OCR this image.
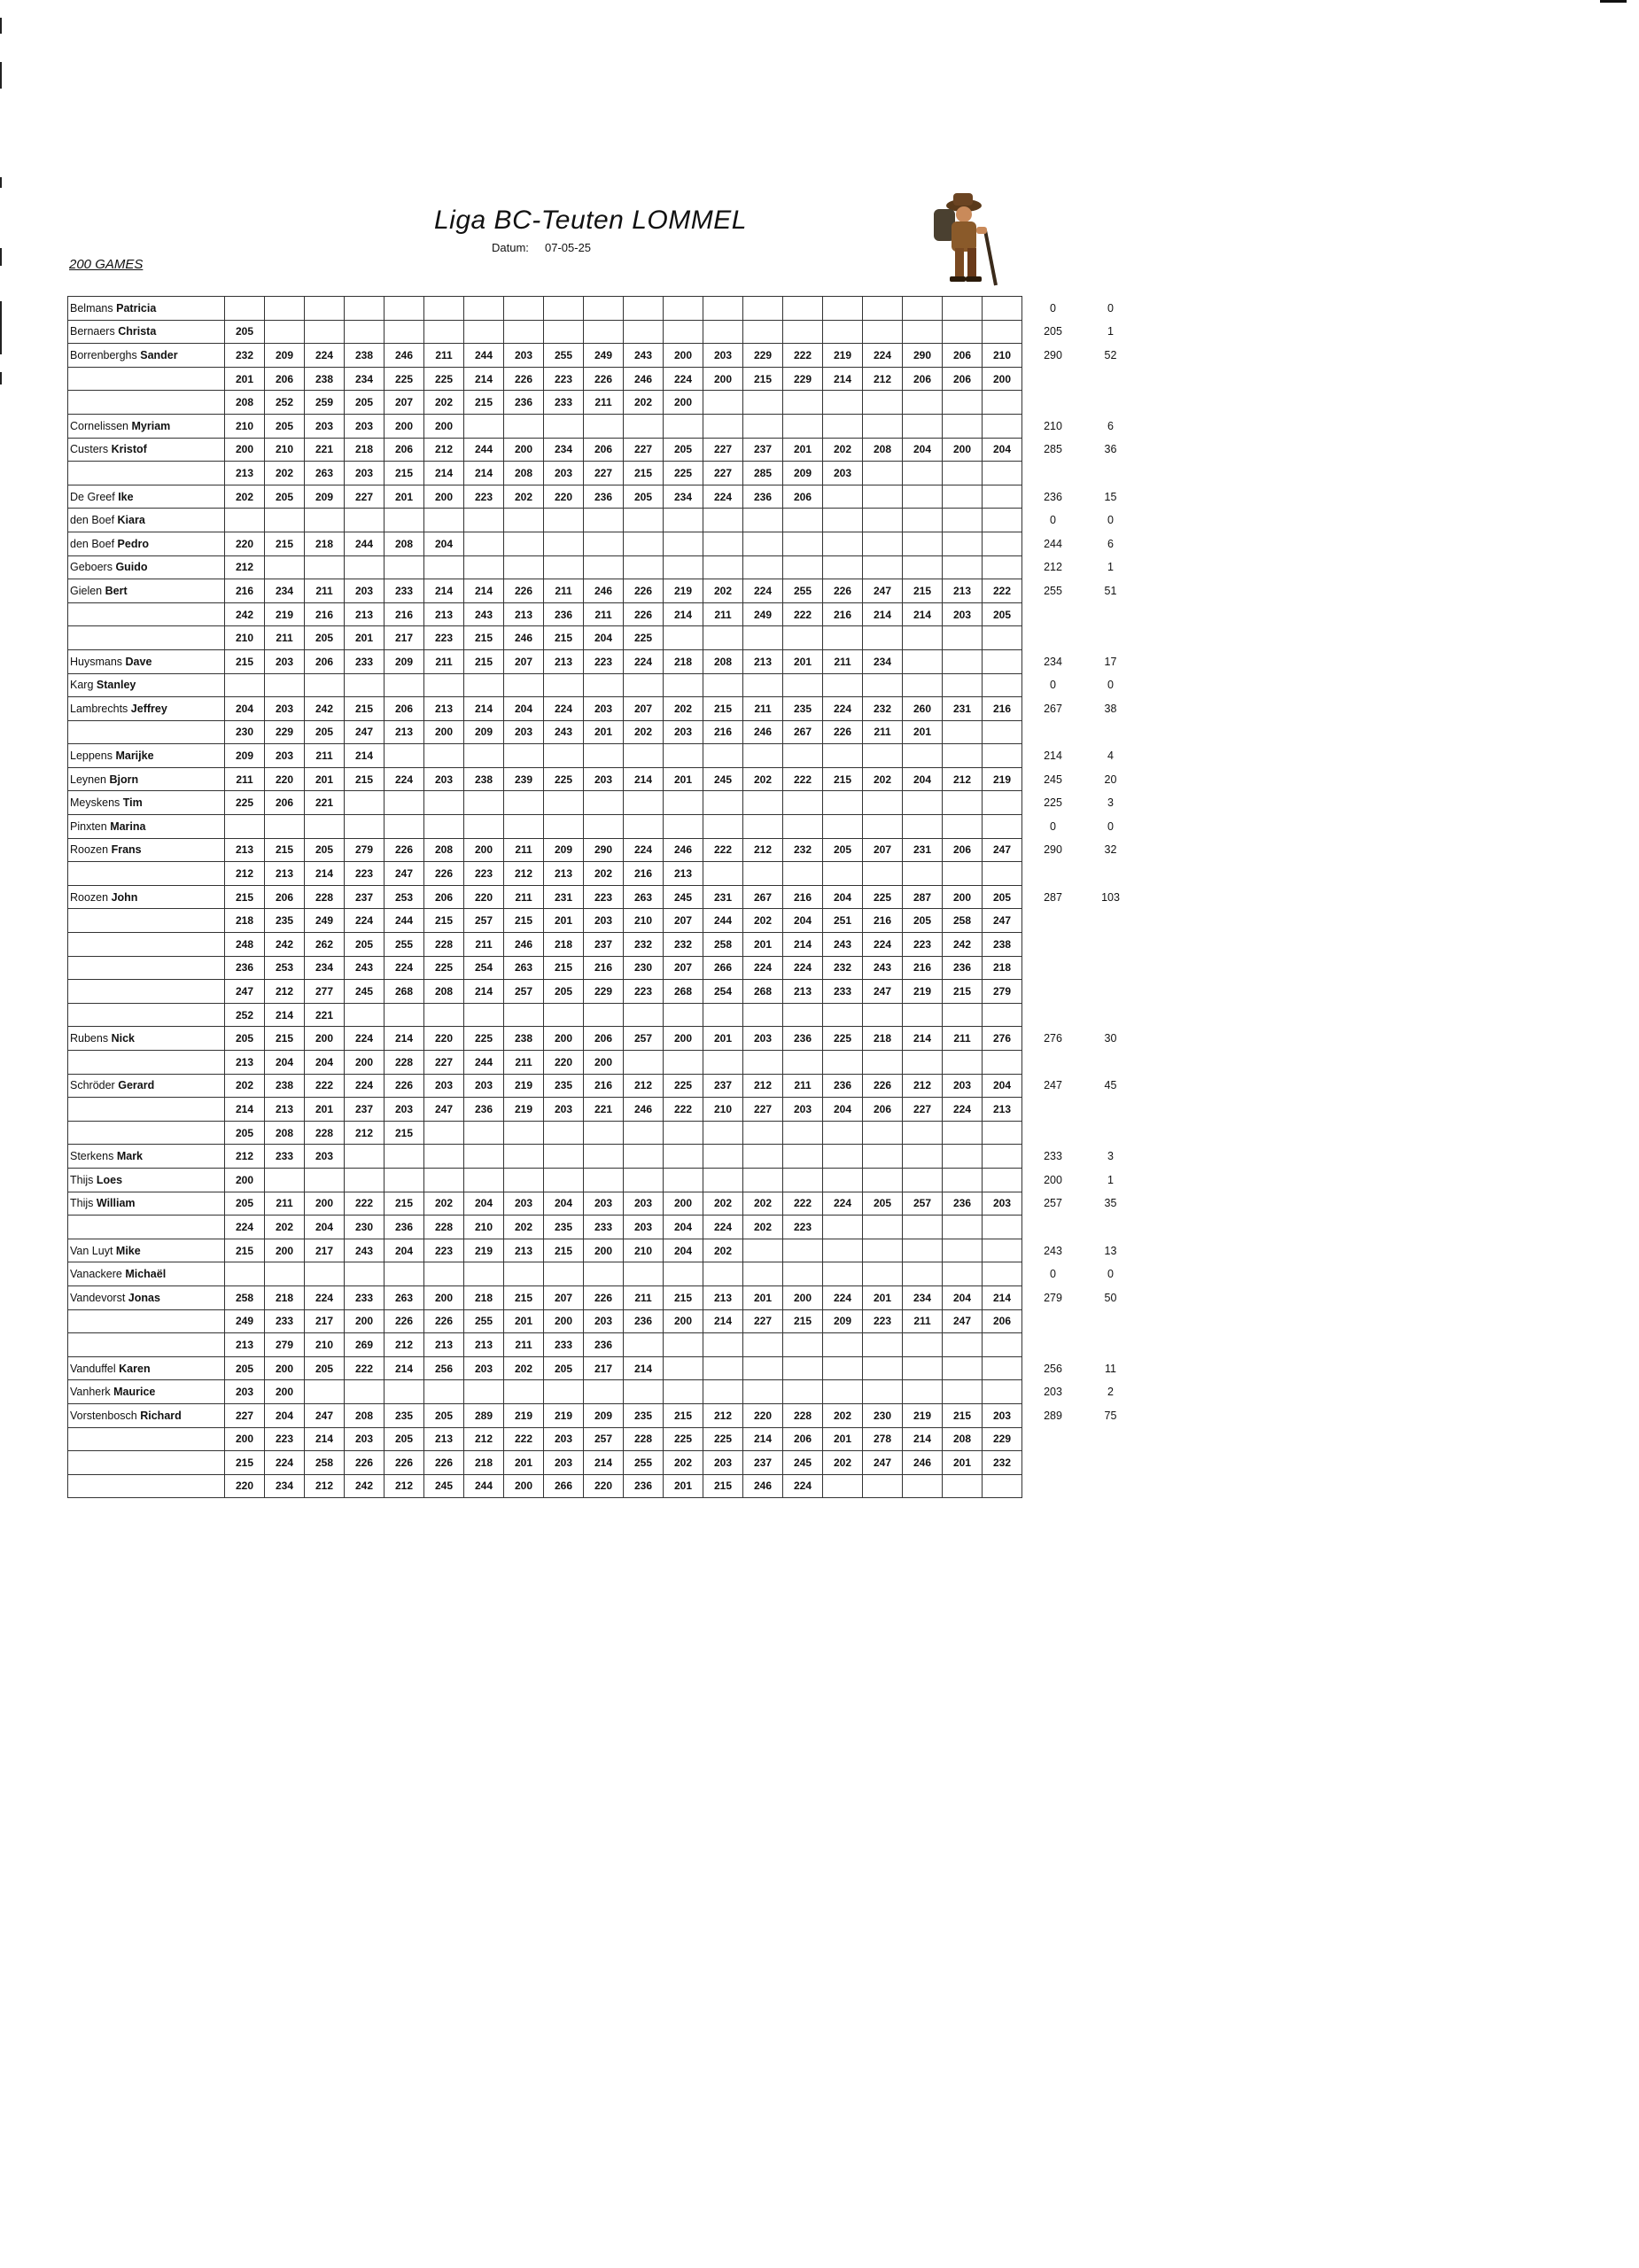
Liga BC-Teuten LOMMEL
Datum: 07-05-25
200 GAMES
Belmans Patricia																					0	0
Bernaers Christa	205																				205	1
Borrenberghs Sander	232	209	224	238	246	211	244	203	255	249	243	200	203	229	222	219	224	290	206	210	290	52
	201	206	238	234	225	225	214	226	223	226	246	224	200	215	229	214	212	206	206	200		
	208	252	259	205	207	202	215	236	233	211	202	200										
Cornelissen Myriam	210	205	203	203	200	200															210	6
Custers Kristof	200	210	221	218	206	212	244	200	234	206	227	205	227	237	201	202	208	204	200	204	285	36
	213	202	263	203	215	214	214	208	203	227	215	225	227	285	209	203						
De Greef Ike	202	205	209	227	201	200	223	202	220	236	205	234	224	236	206						236	15
den Boef Kiara																					0	0
den Boef Pedro	220	215	218	244	208	204															244	6
Geboers Guido	212																				212	1
Gielen Bert	216	234	211	203	233	214	214	226	211	246	226	219	202	224	255	226	247	215	213	222	255	51
	242	219	216	213	216	213	243	213	236	211	226	214	211	249	222	216	214	214	203	205		
	210	211	205	201	217	223	215	246	215	204	225											
Huysmans Dave	215	203	206	233	209	211	215	207	213	223	224	218	208	213	201	211	234				234	17
Karg Stanley																					0	0
Lambrechts Jeffrey	204	203	242	215	206	213	214	204	224	203	207	202	215	211	235	224	232	260	231	216	267	38
	230	229	205	247	213	200	209	203	243	201	202	203	216	246	267	226	211	201				
Leppens Marijke	209	203	211	214																	214	4
Leynen Bjorn	211	220	201	215	224	203	238	239	225	203	214	201	245	202	222	215	202	204	212	219	245	20
Meyskens Tim	225	206	221																		225	3
Pinxten Marina																					0	0
Roozen Frans	213	215	205	279	226	208	200	211	209	290	224	246	222	212	232	205	207	231	206	247	290	32
	212	213	214	223	247	226	223	212	213	202	216	213										
Roozen John	215	206	228	237	253	206	220	211	231	223	263	245	231	267	216	204	225	287	200	205	287	103
	218	235	249	224	244	215	257	215	201	203	210	207	244	202	204	251	216	205	258	247		
	248	242	262	205	255	228	211	246	218	237	232	232	258	201	214	243	224	223	242	238		
	236	253	234	243	224	225	254	263	215	216	230	207	266	224	224	232	243	216	236	218		
	247	212	277	245	268	208	214	257	205	229	223	268	254	268	213	233	247	219	215	279		
	252	214	221																			
Rubens Nick	205	215	200	224	214	220	225	238	200	206	257	200	201	203	236	225	218	214	211	276	276	30
	213	204	204	200	228	227	244	211	220	200												
Schröder Gerard	202	238	222	224	226	203	203	219	235	216	212	225	237	212	211	236	226	212	203	204	247	45
	214	213	201	237	203	247	236	219	203	221	246	222	210	227	203	204	206	227	224	213		
	205	208	228	212	215																	
Sterkens Mark	212	233	203																		233	3
Thijs Loes	200																				200	1
Thijs William	205	211	200	222	215	202	204	203	204	203	203	200	202	202	222	224	205	257	236	203	257	35
	224	202	204	230	236	228	210	202	235	233	203	204	224	202	223							
Van Luyt Mike	215	200	217	243	204	223	219	213	215	200	210	204	202								243	13
Vanackere Michaël																					0	0
Vandevorst Jonas	258	218	224	233	263	200	218	215	207	226	211	215	213	201	200	224	201	234	204	214	279	50
	249	233	217	200	226	226	255	201	200	203	236	200	214	227	215	209	223	211	247	206		
	213	279	210	269	212	213	213	211	233	236												
Vanduffel Karen	205	200	205	222	214	256	203	202	205	217	214										256	11
Vanherk Maurice	203	200																			203	2
Vorstenbosch Richard	227	204	247	208	235	205	289	219	219	209	235	215	212	220	228	202	230	219	215	203	289	75
	200	223	214	203	205	213	212	222	203	257	228	225	225	214	206	201	278	214	208	229		
	215	224	258	226	226	226	218	201	203	214	255	202	203	237	245	202	247	246	201	232		
	220	234	212	242	212	245	244	200	266	220	236	201	215	246	224							
